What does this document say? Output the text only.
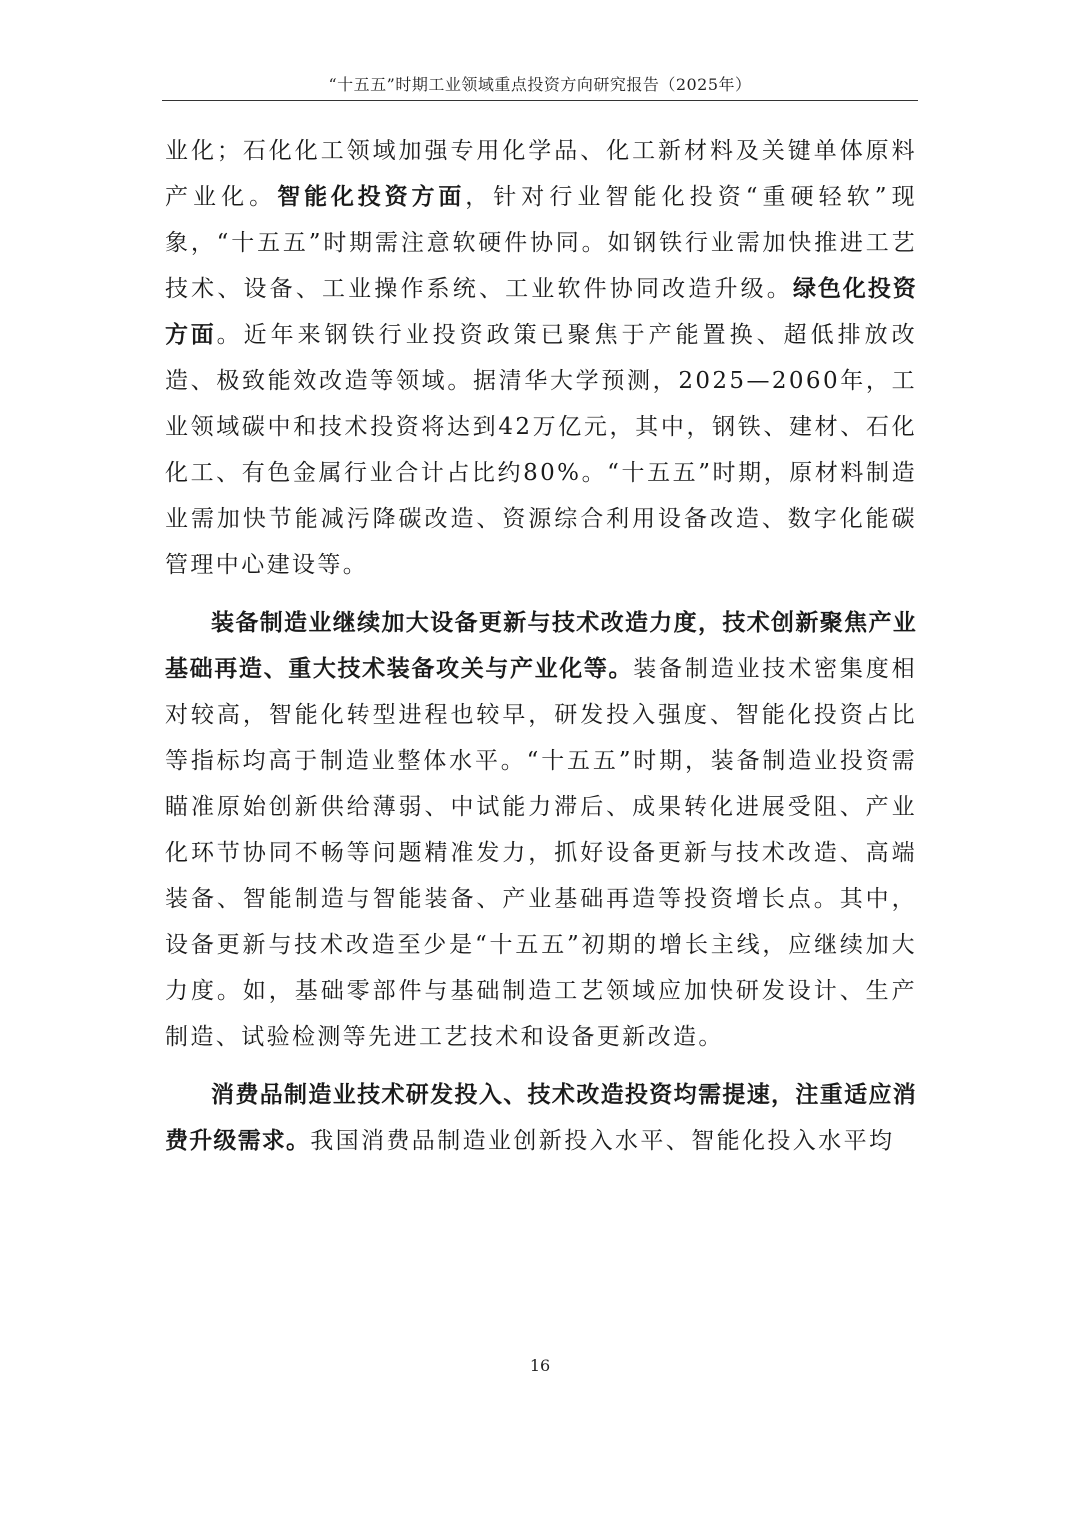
“十五五”时期工业领域重点投资方向研究报告（2025年）

业化；石化化工领域加强专用化学品、化工新材料及关键单体原料产业化。智能化投资方面，针对行业智能化投资“重硬轻软”现象，“十五五”时期需注意软硬件协同。如钢铁行业需加快推进工艺技术、设备、工业操作系统、工业软件协同改造升级。绿色化投资方面。近年来钢铁行业投资政策已聚焦于产能置换、超低排放改造、极致能效改造等领域。据清华大学预测，2025—2060年，工业领域碳中和技术投资将达到42万亿元，其中，钢铁、建材、石化化工、有色金属行业合计占比约80%。“十五五”时期，原材料制造业需加快节能减污降碳改造、资源综合利用设备改造、数字化能碳管理中心建设等。

装备制造业继续加大设备更新与技术改造力度，技术创新聚焦产业基础再造、重大技术装备攻关与产业化等。装备制造业技术密集度相对较高，智能化转型进程也较早，研发投入强度、智能化投资占比等指标均高于制造业整体水平。“十五五”时期，装备制造业投资需瞄准原始创新供给薄弱、中试能力滞后、成果转化进展受阻、产业化环节协同不畅等问题精准发力，抓好设备更新与技术改造、高端装备、智能制造与智能装备、产业基础再造等投资增长点。其中，设备更新与技术改造至少是“十五五”初期的增长主线，应继续加大力度。如，基础零部件与基础制造工艺领域应加快研发设计、生产制造、试验检测等先进工艺技术和设备更新改造。

消费品制造业技术研发投入、技术改造投资均需提速，注重适应消费升级需求。我国消费品制造业创新投入水平、智能化投入水平均

16
